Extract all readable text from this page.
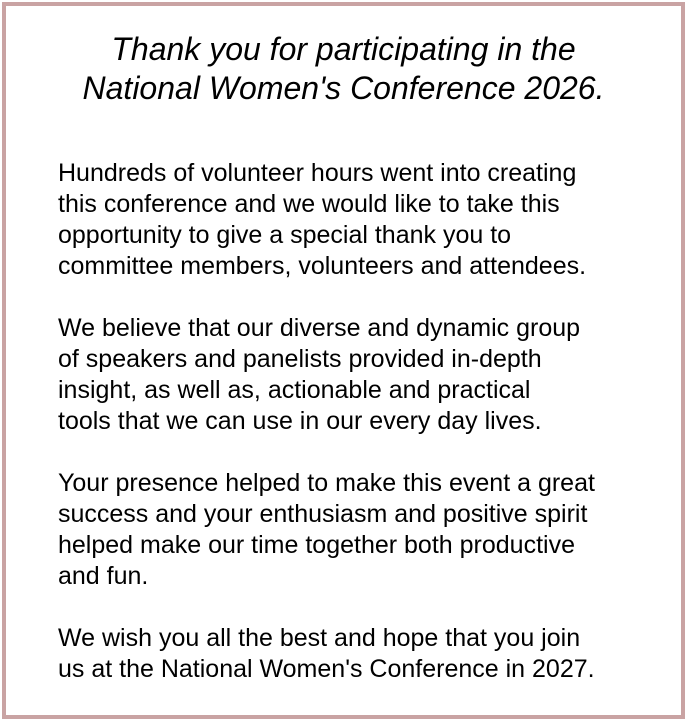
Thank you for participating in the
National Women's Conference 2026.

Hundreds of volunteer hours went into creating
this conference and we would like to take this
opportunity to give a special thank you to
committee members, volunteers and attendees.

We believe that our diverse and dynamic group
of speakers and panelists provided in-depth
insight, as well as, actionable and practical
tools that we can use in our every day lives.

Your presence helped to make this event a great
success and your enthusiasm and positive spirit
helped make our time together both productive
and fun.

We wish you all the best and hope that you join
us at the National Women's Conference in 2027.
